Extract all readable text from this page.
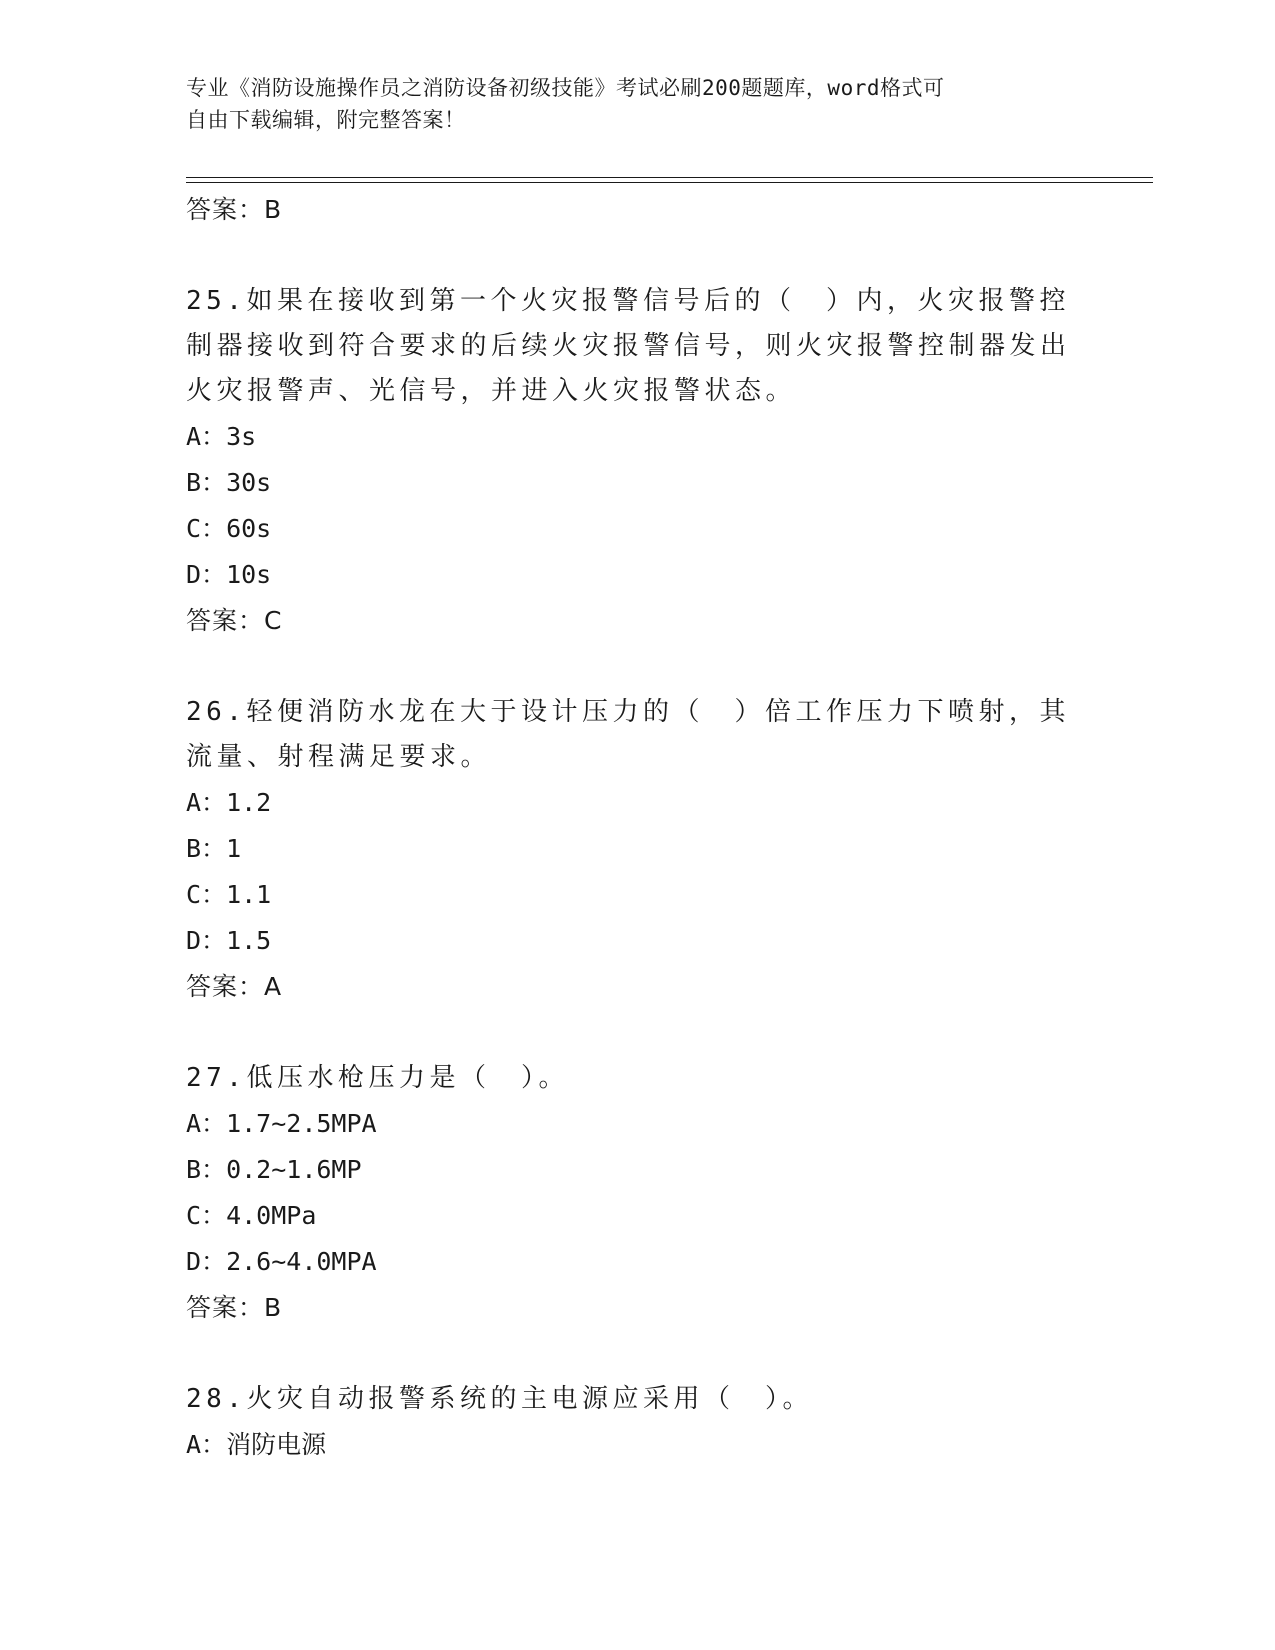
专业《消防设施操作员之消防设备初级技能》考试必刷200题题库，word格式可
自由下载编辑，附完整答案！
答案：B
25.如果在接收到第一个火灾报警信号后的（　）内，火灾报警控制器接收到符合要求的后续火灾报警信号，则火灾报警控制器发出火灾报警声、光信号，并进入火灾报警状态。
A：3s
B：30s
C：60s
D：10s
答案：C
26.轻便消防水龙在大于设计压力的（　）倍工作压力下喷射，其流量、射程满足要求。
A：1.2
B：1
C：1.1
D：1.5
答案：A
27.低压水枪压力是（　）。
A：1.7~2.5MPA
B：0.2~1.6MP
C：4.0MPa
D：2.6~4.0MPA
答案：B
28.火灾自动报警系统的主电源应采用（　）。
A：消防电源
